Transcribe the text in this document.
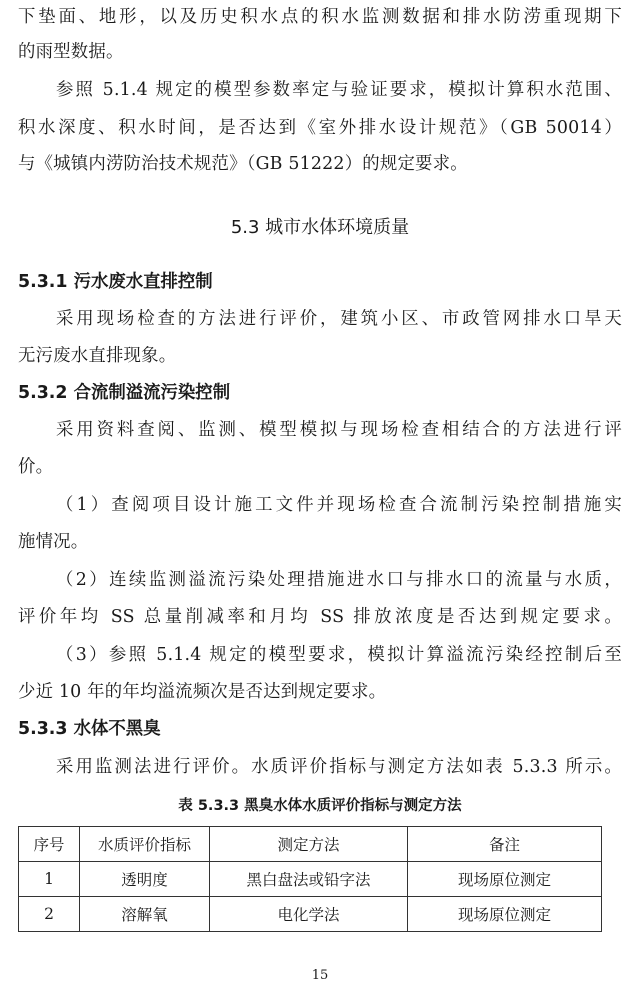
下垫面、地形，以及历史积水点的积水监测数据和排水防涝重现期下
的雨型数据。
参照 5.1.4 规定的模型参数率定与验证要求，模拟计算积水范围、
积水深度、积水时间，是否达到《室外排水设计规范》（GB 50014）
与《城镇内涝防治技术规范》（GB 51222）的规定要求。
5.3 城市水体环境质量
5.3.1 污水废水直排控制
采用现场检查的方法进行评价，建筑小区、市政管网排水口旱天
无污废水直排现象。
5.3.2 合流制溢流污染控制
采用资料查阅、监测、模型模拟与现场检查相结合的方法进行评
价。
（1）查阅项目设计施工文件并现场检查合流制污染控制措施实
施情况。
（2）连续监测溢流污染处理措施进水口与排水口的流量与水质，
评价年均 SS 总量削减率和月均 SS 排放浓度是否达到规定要求。
（3）参照 5.1.4 规定的模型要求，模拟计算溢流污染经控制后至
少近 10 年的年均溢流频次是否达到规定要求。
5.3.3 水体不黑臭
采用监测法进行评价。水质评价指标与测定方法如表 5.3.3 所示。
表 5.3.3 黑臭水体水质评价指标与测定方法
序号	水质评价指标	测定方法	备注
1	透明度	黑白盘法或铅字法	现场原位测定
2	溶解氧	电化学法	现场原位测定
15
